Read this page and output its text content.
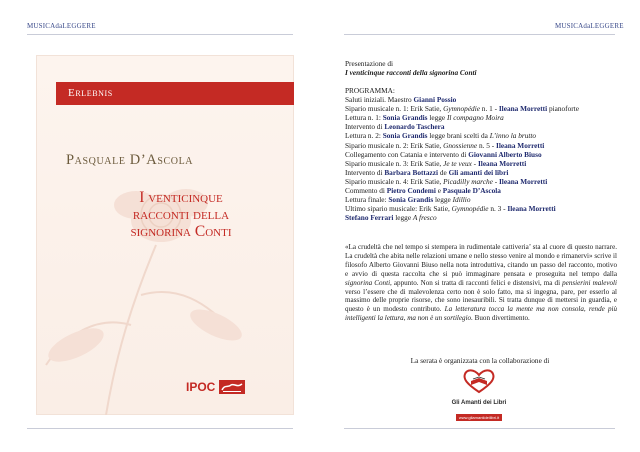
MUSICAdaLEGGERE	MUSICAdaLEGGERE
Erlebnis
Pasquale D’Ascola
I venticinque
racconti della
signorina Conti
IPOC
Presentazione di
I venticinque racconti della signorina Conti
PROGRAMMA:
Saluti iniziali. Maestro Gianni Possio
Sipario musicale n. 1: Erik Satie, Gymnopédie n. 1 - Ileana Morretti pianoforte
Lettura n. 1: Sonia Grandis legge Il compagno Moira
Intervento di Leonardo Taschera
Lettura n. 2: Sonia Grandis legge brani scelti da L’inno la brutto
Sipario musicale n. 2: Erik Satie, Gnossienne n. 5 - Ileana Morretti
Collegamento con Catania e intervento di Giovanni Alberto Biuso
Sipario musicale n. 3: Erik Satie, Je te veux - Ileana Morretti
Intervento di Barbara Bottazzi de Gli amanti dei libri
Sipario musicale n. 4: Erik Satie, Picadilly marche - Ileana Morretti
Commento di Pietro Condemi e Pasquale D’Ascola
Lettura finale: Sonia Grandis legge Idillio
Ultimo sipario musicale: Erik Satie, Gymnopédie n. 3 - Ileana Morretti
Stefano Ferrari legge A fresco
«La crudeltà che nel tempo si stempera in rudimentale cattiveria’ sta al cuore di questo narrare. La crudeltà che abita nelle relazioni umane e nello stesso venire al mondo e rimanervi» scrive il filosofo Alberto Giovanni Biuso nella nota introduttiva, citando un passo del racconto, motivo e avvio di questa raccolta che si può immaginare pensata e proseguita nel tempo dalla signorina Conti, appunto. Non si tratta di racconti felici e distensivi, ma di pensierini malevoli verso l’essere che di malevolenza certo non è solo fatto, ma si ingegna, pare, per esserlo al massimo delle proprie risorse, che sono inesauribili. Si tratta dunque di mettersi in guardia, e questo è un modesto contributo. La letteratura tocca la mente ma non consola, rende più intelligenti la lettura, ma non è un sortilegio. Buon divertimento.
La serata è organizzata con la collaborazione di
Gli Amanti dei Libri
www.gliamantideilibri.it
